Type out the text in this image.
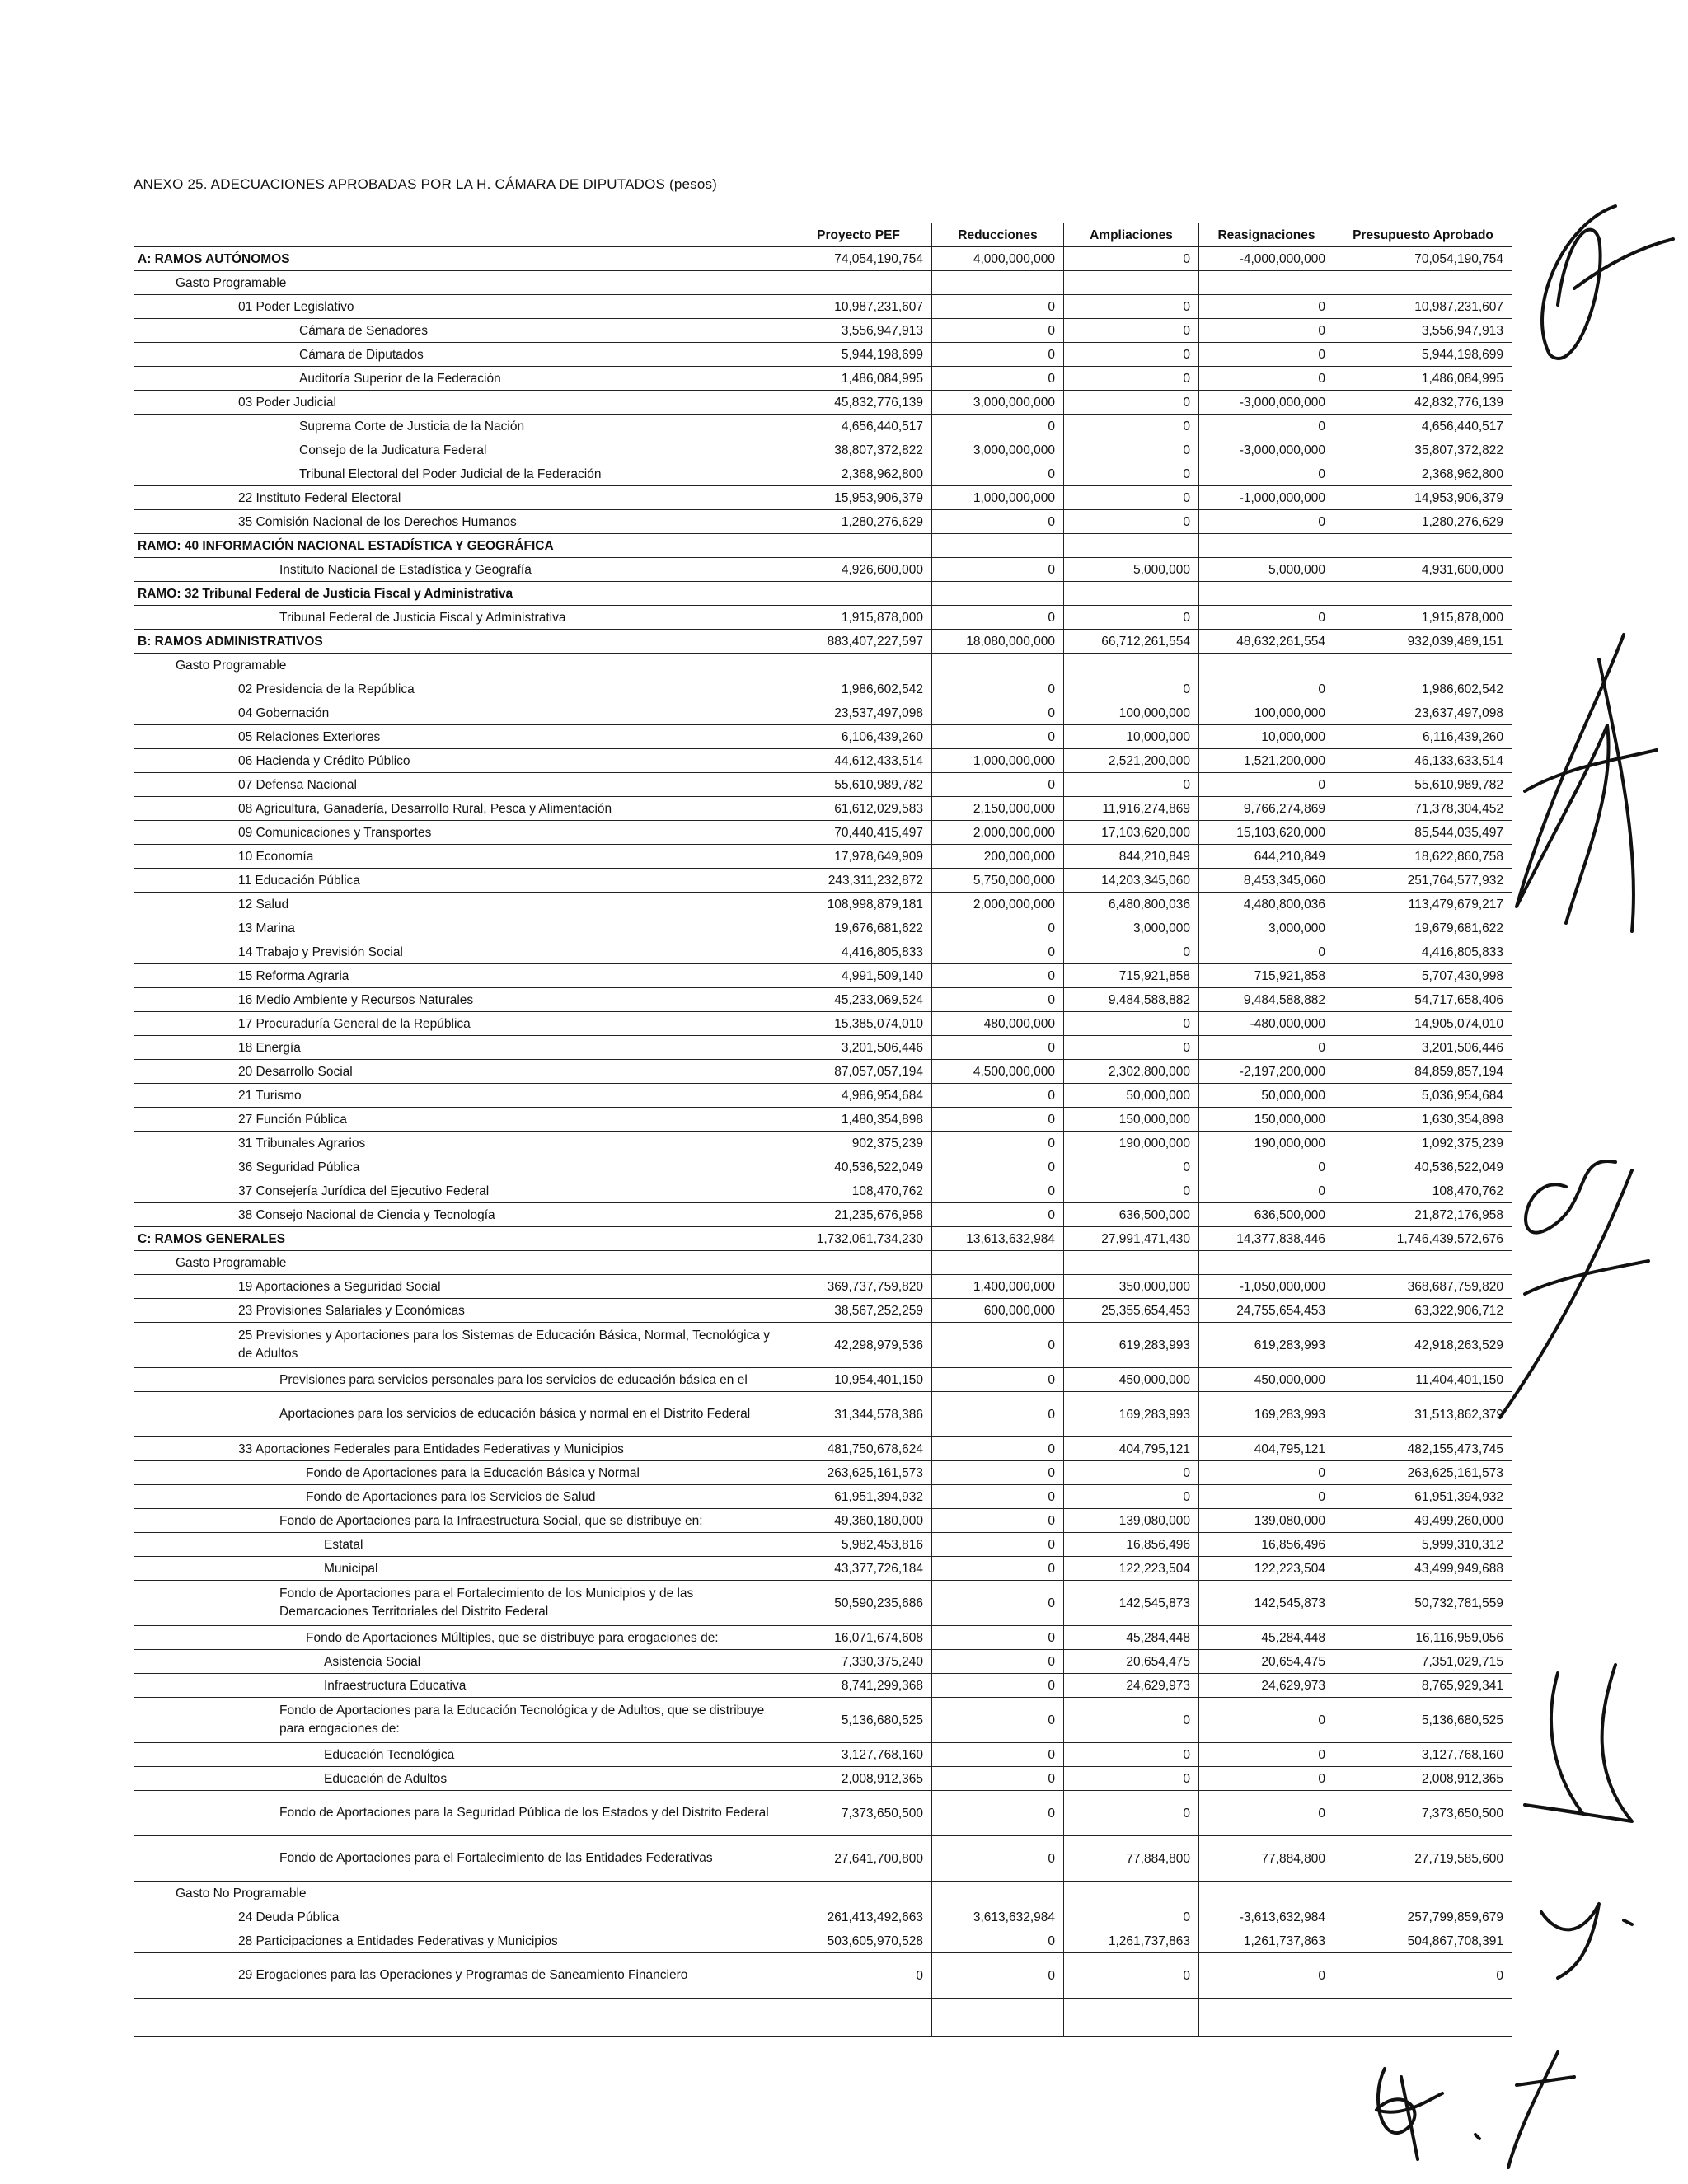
ANEXO 25. ADECUACIONES APROBADAS POR LA H. CÁMARA DE DIPUTADOS (pesos)
	Proyecto PEF	Reducciones	Ampliaciones	Reasignaciones	Presupuesto Aprobado
A: RAMOS AUTÓNOMOS	74,054,190,754	4,000,000,000	0	-4,000,000,000	70,054,190,754
Gasto Programable					
01 Poder Legislativo	10,987,231,607	0	0	0	10,987,231,607
Cámara de Senadores	3,556,947,913	0	0	0	3,556,947,913
Cámara de Diputados	5,944,198,699	0	0	0	5,944,198,699
Auditoría Superior de la Federación	1,486,084,995	0	0	0	1,486,084,995
03 Poder Judicial	45,832,776,139	3,000,000,000	0	-3,000,000,000	42,832,776,139
Suprema Corte de Justicia de la Nación	4,656,440,517	0	0	0	4,656,440,517
Consejo de la Judicatura Federal	38,807,372,822	3,000,000,000	0	-3,000,000,000	35,807,372,822
Tribunal Electoral del Poder Judicial de la Federación	2,368,962,800	0	0	0	2,368,962,800
22 Instituto Federal Electoral	15,953,906,379	1,000,000,000	0	-1,000,000,000	14,953,906,379
35 Comisión Nacional de los Derechos Humanos	1,280,276,629	0	0	0	1,280,276,629
RAMO: 40 INFORMACIÓN NACIONAL ESTADÍSTICA Y GEOGRÁFICA					
Instituto Nacional de Estadística y Geografía	4,926,600,000	0	5,000,000	5,000,000	4,931,600,000
RAMO: 32 Tribunal Federal de Justicia Fiscal y Administrativa					
Tribunal Federal de Justicia Fiscal y Administrativa	1,915,878,000	0	0	0	1,915,878,000
B: RAMOS ADMINISTRATIVOS	883,407,227,597	18,080,000,000	66,712,261,554	48,632,261,554	932,039,489,151
Gasto Programable					
02 Presidencia de la República	1,986,602,542	0	0	0	1,986,602,542
04 Gobernación	23,537,497,098	0	100,000,000	100,000,000	23,637,497,098
05 Relaciones Exteriores	6,106,439,260	0	10,000,000	10,000,000	6,116,439,260
06 Hacienda y Crédito Público	44,612,433,514	1,000,000,000	2,521,200,000	1,521,200,000	46,133,633,514
07 Defensa Nacional	55,610,989,782	0	0	0	55,610,989,782
08 Agricultura, Ganadería, Desarrollo Rural, Pesca y Alimentación	61,612,029,583	2,150,000,000	11,916,274,869	9,766,274,869	71,378,304,452
09 Comunicaciones y Transportes	70,440,415,497	2,000,000,000	17,103,620,000	15,103,620,000	85,544,035,497
10 Economía	17,978,649,909	200,000,000	844,210,849	644,210,849	18,622,860,758
11 Educación Pública	243,311,232,872	5,750,000,000	14,203,345,060	8,453,345,060	251,764,577,932
12 Salud	108,998,879,181	2,000,000,000	6,480,800,036	4,480,800,036	113,479,679,217
13 Marina	19,676,681,622	0	3,000,000	3,000,000	19,679,681,622
14 Trabajo y Previsión Social	4,416,805,833	0	0	0	4,416,805,833
15 Reforma Agraria	4,991,509,140	0	715,921,858	715,921,858	5,707,430,998
16 Medio Ambiente y Recursos Naturales	45,233,069,524	0	9,484,588,882	9,484,588,882	54,717,658,406
17 Procuraduría General de la República	15,385,074,010	480,000,000	0	-480,000,000	14,905,074,010
18 Energía	3,201,506,446	0	0	0	3,201,506,446
20 Desarrollo Social	87,057,057,194	4,500,000,000	2,302,800,000	-2,197,200,000	84,859,857,194
21 Turismo	4,986,954,684	0	50,000,000	50,000,000	5,036,954,684
27 Función Pública	1,480,354,898	0	150,000,000	150,000,000	1,630,354,898
31 Tribunales Agrarios	902,375,239	0	190,000,000	190,000,000	1,092,375,239
36 Seguridad Pública	40,536,522,049	0	0	0	40,536,522,049
37 Consejería Jurídica del Ejecutivo Federal	108,470,762	0	0	0	108,470,762
38 Consejo Nacional de Ciencia y Tecnología	21,235,676,958	0	636,500,000	636,500,000	21,872,176,958
C: RAMOS GENERALES	1,732,061,734,230	13,613,632,984	27,991,471,430	14,377,838,446	1,746,439,572,676
Gasto Programable					
19 Aportaciones a Seguridad Social	369,737,759,820	1,400,000,000	350,000,000	-1,050,000,000	368,687,759,820
23 Provisiones Salariales y Económicas	38,567,252,259	600,000,000	25,355,654,453	24,755,654,453	63,322,906,712
25 Previsiones y Aportaciones para los Sistemas de Educación Básica, Normal, Tecnológica y de Adultos	42,298,979,536	0	619,283,993	619,283,993	42,918,263,529
Previsiones para servicios personales para los servicios de educación básica en el	10,954,401,150	0	450,000,000	450,000,000	11,404,401,150
Aportaciones para los servicios de educación básica y normal en el Distrito Federal	31,344,578,386	0	169,283,993	169,283,993	31,513,862,379
33 Aportaciones Federales para Entidades Federativas y Municipios	481,750,678,624	0	404,795,121	404,795,121	482,155,473,745
Fondo de Aportaciones para la Educación Básica y Normal	263,625,161,573	0	0	0	263,625,161,573
Fondo de Aportaciones para los Servicios de Salud	61,951,394,932	0	0	0	61,951,394,932
Fondo de Aportaciones para la Infraestructura Social, que se distribuye en:	49,360,180,000	0	139,080,000	139,080,000	49,499,260,000
Estatal	5,982,453,816	0	16,856,496	16,856,496	5,999,310,312
Municipal	43,377,726,184	0	122,223,504	122,223,504	43,499,949,688
Fondo de Aportaciones para el Fortalecimiento de los Municipios y de las Demarcaciones Territoriales del Distrito Federal	50,590,235,686	0	142,545,873	142,545,873	50,732,781,559
Fondo de Aportaciones Múltiples, que se distribuye para erogaciones de:	16,071,674,608	0	45,284,448	45,284,448	16,116,959,056
Asistencia Social	7,330,375,240	0	20,654,475	20,654,475	7,351,029,715
Infraestructura Educativa	8,741,299,368	0	24,629,973	24,629,973	8,765,929,341
Fondo de Aportaciones para la Educación Tecnológica y de Adultos, que se distribuye para erogaciones de:	5,136,680,525	0	0	0	5,136,680,525
Educación Tecnológica	3,127,768,160	0	0	0	3,127,768,160
Educación de Adultos	2,008,912,365	0	0	0	2,008,912,365
Fondo de Aportaciones para la Seguridad Pública de los Estados y del Distrito Federal	7,373,650,500	0	0	0	7,373,650,500
Fondo de Aportaciones para el Fortalecimiento de las Entidades Federativas	27,641,700,800	0	77,884,800	77,884,800	27,719,585,600
Gasto No Programable					
24 Deuda Pública	261,413,492,663	3,613,632,984	0	-3,613,632,984	257,799,859,679
28 Participaciones a Entidades Federativas y Municipios	503,605,970,528	0	1,261,737,863	1,261,737,863	504,867,708,391
29 Erogaciones para las Operaciones y Programas de Saneamiento Financiero	0	0	0	0	0
